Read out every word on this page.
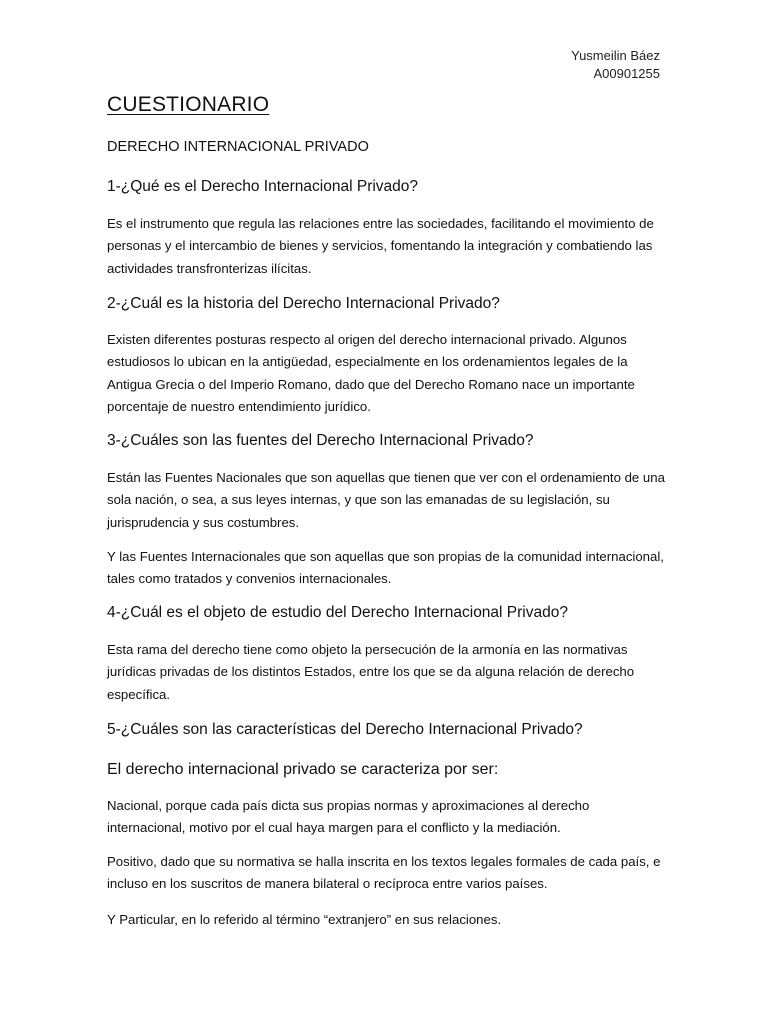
Yusmeilin Báez
A00901255
CUESTIONARIO
DERECHO INTERNACIONAL PRIVADO
1-¿Qué es el Derecho Internacional Privado?
Es el instrumento que regula las relaciones entre las sociedades, facilitando el movimiento de personas y el intercambio de bienes y servicios, fomentando la integración y combatiendo las actividades transfronterizas ilícitas.
2-¿Cuál es la historia del Derecho Internacional Privado?
Existen diferentes posturas respecto al origen del derecho internacional privado. Algunos estudiosos lo ubican en la antigüedad, especialmente en los ordenamientos legales de la Antigua Grecia o del Imperio Romano, dado que del Derecho Romano nace un importante porcentaje de nuestro entendimiento jurídico.
3-¿Cuáles son las fuentes del Derecho Internacional Privado?
Están las Fuentes Nacionales que son aquellas que tienen que ver con el ordenamiento de una sola nación, o sea, a sus leyes internas, y que son las emanadas de su legislación, su jurisprudencia y sus costumbres.
Y las Fuentes Internacionales que son aquellas que son propias de la comunidad internacional, tales como tratados y convenios internacionales.
4-¿Cuál es el objeto de estudio del Derecho Internacional Privado?
Esta rama del derecho tiene como objeto la persecución de la armonía en las normativas jurídicas privadas de los distintos Estados, entre los que se da alguna relación de derecho específica.
5-¿Cuáles son las características del Derecho Internacional Privado?
El derecho internacional privado se caracteriza por ser:
Nacional, porque cada país dicta sus propias normas y aproximaciones al derecho internacional, motivo por el cual haya margen para el conflicto y la mediación.
Positivo, dado que su normativa se halla inscrita en los textos legales formales de cada país, e incluso en los suscritos de manera bilateral o recíproca entre varios países.
Y Particular, en lo referido al término “extranjero” en sus relaciones.
